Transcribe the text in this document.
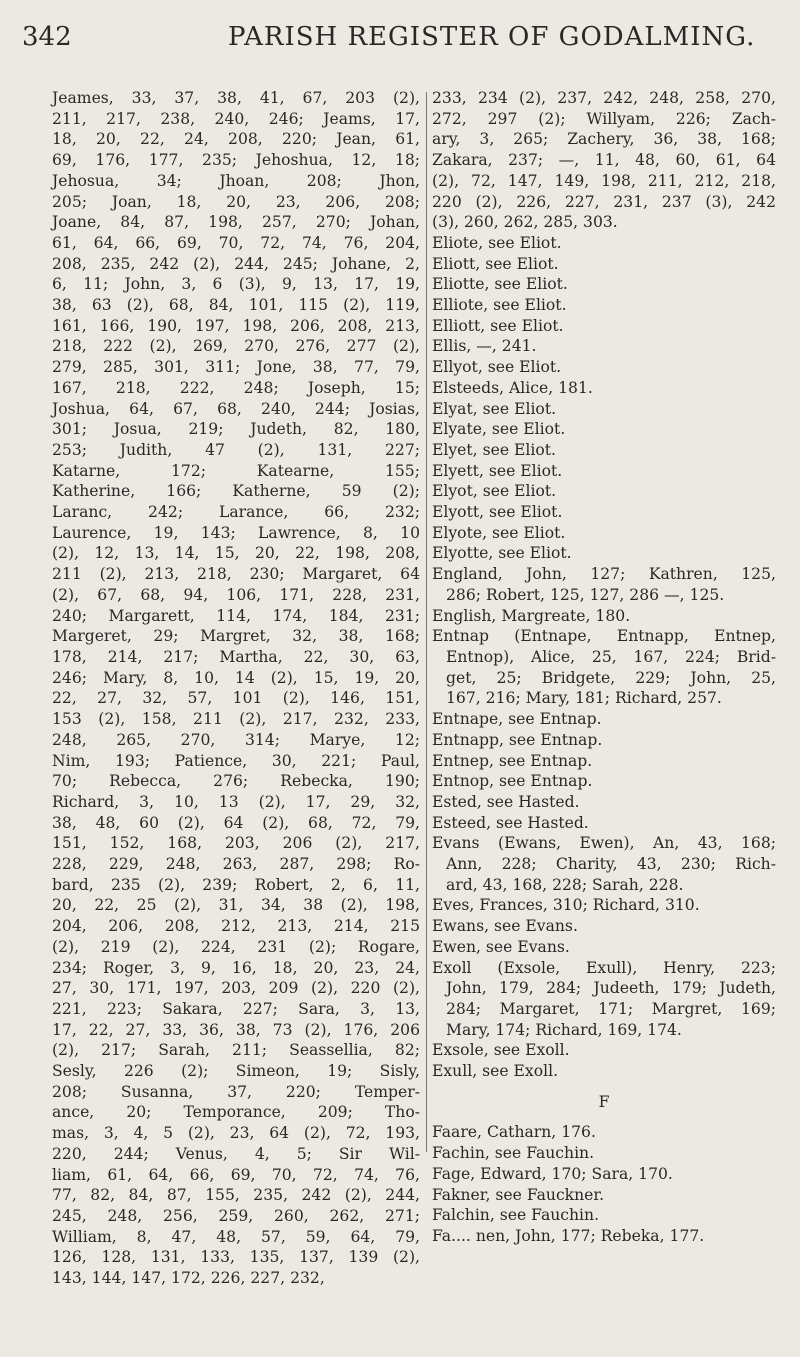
342	PARISH REGISTER OF GODALMING.
Jeames, 33, 37, 38, 41, 67, 203 (2),
211, 217, 238, 240, 246; Jeams, 17,
18, 20, 22, 24, 208, 220; Jean, 61,
69, 176, 177, 235; Jehoshua, 12, 18;
Jehosua, 34; Jhoan, 208; Jhon,
205; Joan, 18, 20, 23, 206, 208;
Joane, 84, 87, 198, 257, 270; Johan,
61, 64, 66, 69, 70, 72, 74, 76, 204,
208, 235, 242 (2), 244, 245; Johane, 2,
6, 11; John, 3, 6 (3), 9, 13, 17, 19,
38, 63 (2), 68, 84, 101, 115 (2), 119,
161, 166, 190, 197, 198, 206, 208, 213,
218, 222 (2), 269, 270, 276, 277 (2),
279, 285, 301, 311; Jone, 38, 77, 79,
167, 218, 222, 248; Joseph, 15;
Joshua, 64, 67, 68, 240, 244; Josias,
301; Josua, 219; Judeth, 82, 180,
253; Judith, 47 (2), 131, 227;
Katarne, 172; Katearne, 155;
Katherine, 166; Katherne, 59 (2);
Laranc, 242; Larance, 66, 232;
Laurence, 19, 143; Lawrence, 8, 10
(2), 12, 13, 14, 15, 20, 22, 198, 208,
211 (2), 213, 218, 230; Margaret, 64
(2), 67, 68, 94, 106, 171, 228, 231,
240; Margarett, 114, 174, 184, 231;
Margeret, 29; Margret, 32, 38, 168;
178, 214, 217; Martha, 22, 30, 63,
246; Mary, 8, 10, 14 (2), 15, 19, 20,
22, 27, 32, 57, 101 (2), 146, 151,
153 (2), 158, 211 (2), 217, 232, 233,
248, 265, 270, 314; Marye, 12;
Nim, 193; Patience, 30, 221; Paul,
70; Rebecca, 276; Rebecka, 190;
Richard, 3, 10, 13 (2), 17, 29, 32,
38, 48, 60 (2), 64 (2), 68, 72, 79,
151, 152, 168, 203, 206 (2), 217,
228, 229, 248, 263, 287, 298; Ro-
bard, 235 (2), 239; Robert, 2, 6, 11,
20, 22, 25 (2), 31, 34, 38 (2), 198,
204, 206, 208, 212, 213, 214, 215
(2), 219 (2), 224, 231 (2); Rogare,
234; Roger, 3, 9, 16, 18, 20, 23, 24,
27, 30, 171, 197, 203, 209 (2), 220 (2),
221, 223; Sakara, 227; Sara, 3, 13,
17, 22, 27, 33, 36, 38, 73 (2), 176, 206
(2), 217; Sarah, 211; Seassellia, 82;
Sesly, 226 (2); Simeon, 19; Sisly,
208; Susanna, 37, 220; Temper-
ance, 20; Temporance, 209; Tho-
mas, 3, 4, 5 (2), 23, 64 (2), 72, 193,
220, 244; Venus, 4, 5; Sir Wil-
liam, 61, 64, 66, 69, 70, 72, 74, 76,
77, 82, 84, 87, 155, 235, 242 (2), 244,
245, 248, 256, 259, 260, 262, 271;
William, 8, 47, 48, 57, 59, 64, 79,
126, 128, 131, 133, 135, 137, 139 (2),
143, 144, 147, 172, 226, 227, 232,
233, 234 (2), 237, 242, 248, 258, 270,
272, 297 (2); Willyam, 226; Zach-
ary, 3, 265; Zachery, 36, 38, 168;
Zakara, 237; —, 11, 48, 60, 61, 64
(2), 72, 147, 149, 198, 211, 212, 218,
220 (2), 226, 227, 231, 237 (3), 242
(3), 260, 262, 285, 303.
Eliote, see Eliot.
Eliott, see Eliot.
Eliotte, see Eliot.
Elliote, see Eliot.
Elliott, see Eliot.
Ellis, —, 241.
Ellyot, see Eliot.
Elsteeds, Alice, 181.
Elyat, see Eliot.
Elyate, see Eliot.
Elyet, see Eliot.
Elyett, see Eliot.
Elyot, see Eliot.
Elyott, see Eliot.
Elyote, see Eliot.
Elyotte, see Eliot.
England, John, 127; Kathren, 125,
286; Robert, 125, 127, 286 —, 125.
English, Margreate, 180.
Entnap (Entnape, Entnapp, Entnep,
Entnop), Alice, 25, 167, 224; Brid-
get, 25; Bridgete, 229; John, 25,
167, 216; Mary, 181; Richard, 257.
Entnape, see Entnap.
Entnapp, see Entnap.
Entnep, see Entnap.
Entnop, see Entnap.
Ested, see Hasted.
Esteed, see Hasted.
Evans (Ewans, Ewen), An, 43, 168;
Ann, 228; Charity, 43, 230; Rich-
ard, 43, 168, 228; Sarah, 228.
Eves, Frances, 310; Richard, 310.
Ewans, see Evans.
Ewen, see Evans.
Exoll (Exsole, Exull), Henry, 223;
John, 179, 284; Judeeth, 179; Judeth,
284; Margaret, 171; Margret, 169;
Mary, 174; Richard, 169, 174.
Exsole, see Exoll.
Exull, see Exoll.
F
Faare, Catharn, 176.
Fachin, see Fauchin.
Fage, Edward, 170; Sara, 170.
Fakner, see Fauckner.
Falchin, see Fauchin.
Fa.... nen, John, 177; Rebeka, 177.
